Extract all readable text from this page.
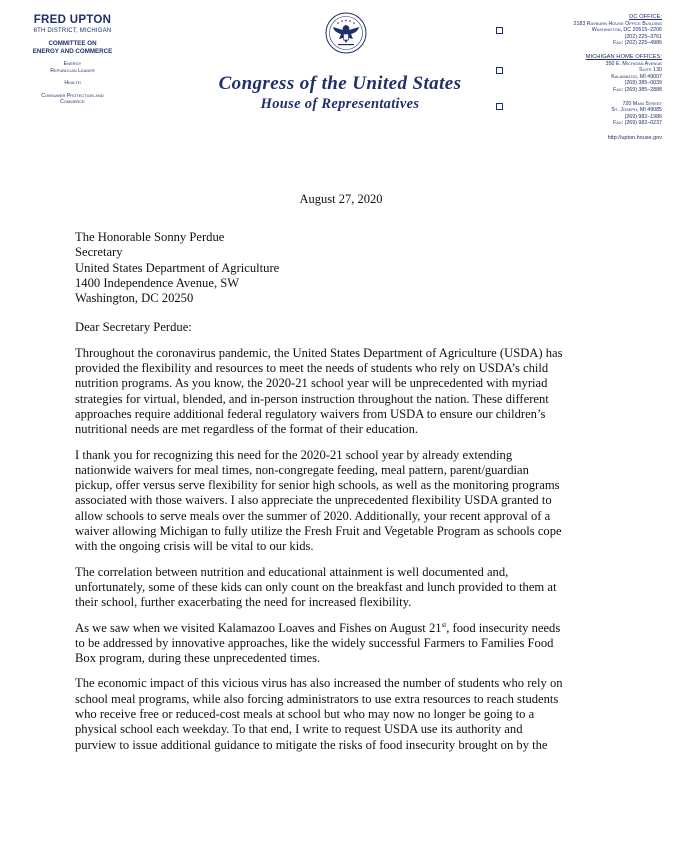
FRED UPTON
6TH DISTRICT, MICHIGAN
COMMITTEE ON
ENERGY AND COMMERCE
Energy
Republican Leader
Health
Consumer Protection and
Commerce
Congress of the United States
House of Representatives
DC OFFICE:
2183 Rayburn House Office Building
Washington, DC 20515–2206
(202) 225–3761
Fax: (202) 225–4986
MICHIGAN HOME OFFICES:
350 E. Michigan Avenue
Suite 130
Kalamazoo, MI 49007
(269) 385–0039
Fax: (269) 385–2888
720 Main Street
St. Joseph, MI 49085
(269) 982–1986
Fax: (269) 982–0237
http://upton.house.gov
August 27, 2020
The Honorable Sonny Perdue
Secretary
United States Department of Agriculture
1400 Independence Avenue, SW
Washington, DC 20250
Dear Secretary Perdue:
Throughout the coronavirus pandemic, the United States Department of Agriculture (USDA) has
provided the flexibility and resources to meet the needs of students who rely on USDA’s child
nutrition programs. As you know, the 2020-21 school year will be unprecedented with myriad
strategies for virtual, blended, and in-person instruction throughout the nation. These different
approaches require additional federal regulatory waivers from USDA to ensure our children’s
nutritional needs are met regardless of the format of their education.
I thank you for recognizing this need for the 2020-21 school year by already extending
nationwide waivers for meal times, non-congregate feeding, meal pattern, parent/guardian
pickup, offer versus serve flexibility for senior high schools, as well as the monitoring programs
associated with those waivers. I also appreciate the unprecedented flexibility USDA granted to
allow schools to serve meals over the summer of 2020. Additionally, your recent approval of a
waiver allowing Michigan to fully utilize the Fresh Fruit and Vegetable Program as schools cope
with the ongoing crisis will be vital to our kids.
The correlation between nutrition and educational attainment is well documented and,
unfortunately, some of these kids can only count on the breakfast and lunch provided to them at
their school, further exacerbating the need for increased flexibility.
As we saw when we visited Kalamazoo Loaves and Fishes on August 21st, food insecurity needs
to be addressed by innovative approaches, like the widely successful Farmers to Families Food
Box program, during these unprecedented times.
The economic impact of this vicious virus has also increased the number of students who rely on
school meal programs, while also forcing administrators to use extra resources to reach students
who receive free or reduced-cost meals at school but who may now no longer be going to a
physical school each weekday. To that end, I write to request USDA use its authority and
purview to issue additional guidance to mitigate the risks of food insecurity brought on by the
